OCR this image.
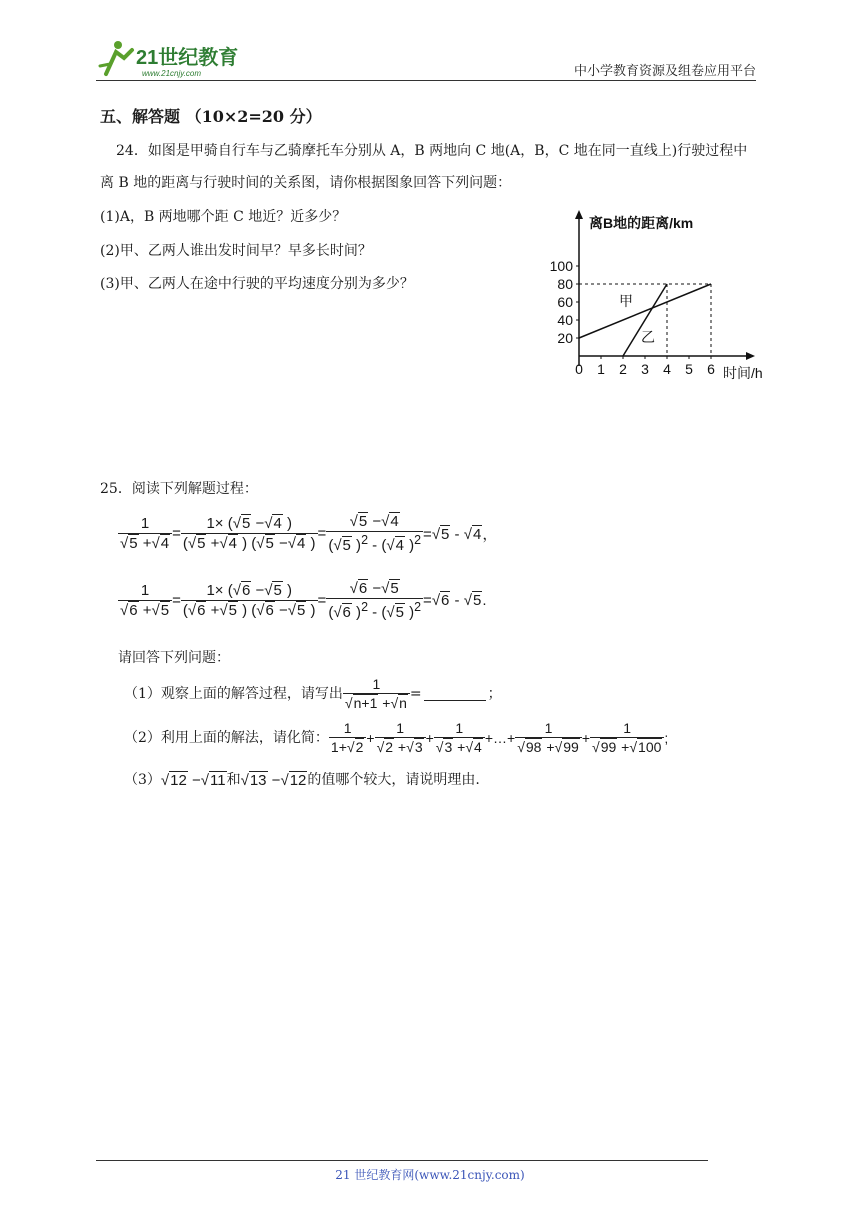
21世纪教育
www.21cnjy.com	中小学教育资源及组卷应用平台
五、解答题 （10×2=20 分）
24．如图是甲骑自行车与乙骑摩托车分别从 A，B 两地向 C 地(A，B，C 地在同一直线上)行驶过程中
离 B 地的距离与行驶时间的关系图，请你根据图象回答下列问题：
(1)A，B 两地哪个距 C 地近？近多少？
(2)甲、乙两人谁出发时间早？早多长时间？
(3)甲、乙两人在途中行驶的平均速度分别为多少？
离B地的距离/km
时间/h
20
40
60
80
100
0 1 2 3 4 5 6
甲
乙
25．阅读下列解题过程：
1
√ 5 + √ $4 = \frac{1\times ( √ 5 - √ 4 )}{( √ 5 + √ 4 ) ( √ 5 - √ 4 )}$ = √ $\frac{5 - √ 4}{( √ 5 )^2 - ( √ 4 )^2}$ = √ 5 - √ 4，
1
√ 6 + √ $5 = \frac{1\times ( √ 6 - √ 5 )}{( √ 6 + √ 5 ) ( √ 6 - √ 5 )}$ = √ $\frac{6 - √ 5}{( √ 6 )^2 - ( √ 5 )^2}$ = √ 6 - √ 5.
请回答下列问题：
（1）观察上面的解答过程，请写出 1
√ n+1 + √ n =	；
（2）利用上面的解法，请化简： $\frac{1}{1+ √ 2} + 1$
√ 2 + √ 3 + 1
√ 3 + √ 4 +…+ 1
√ 98 + √ 99 + 1
√ 99 + √ 100 ;
（3） √ 12 − √ 11 和 √ 13 − √ 12 的值哪个较大，请说明理由.
21 世纪教育网(www.21cnjy.com)
